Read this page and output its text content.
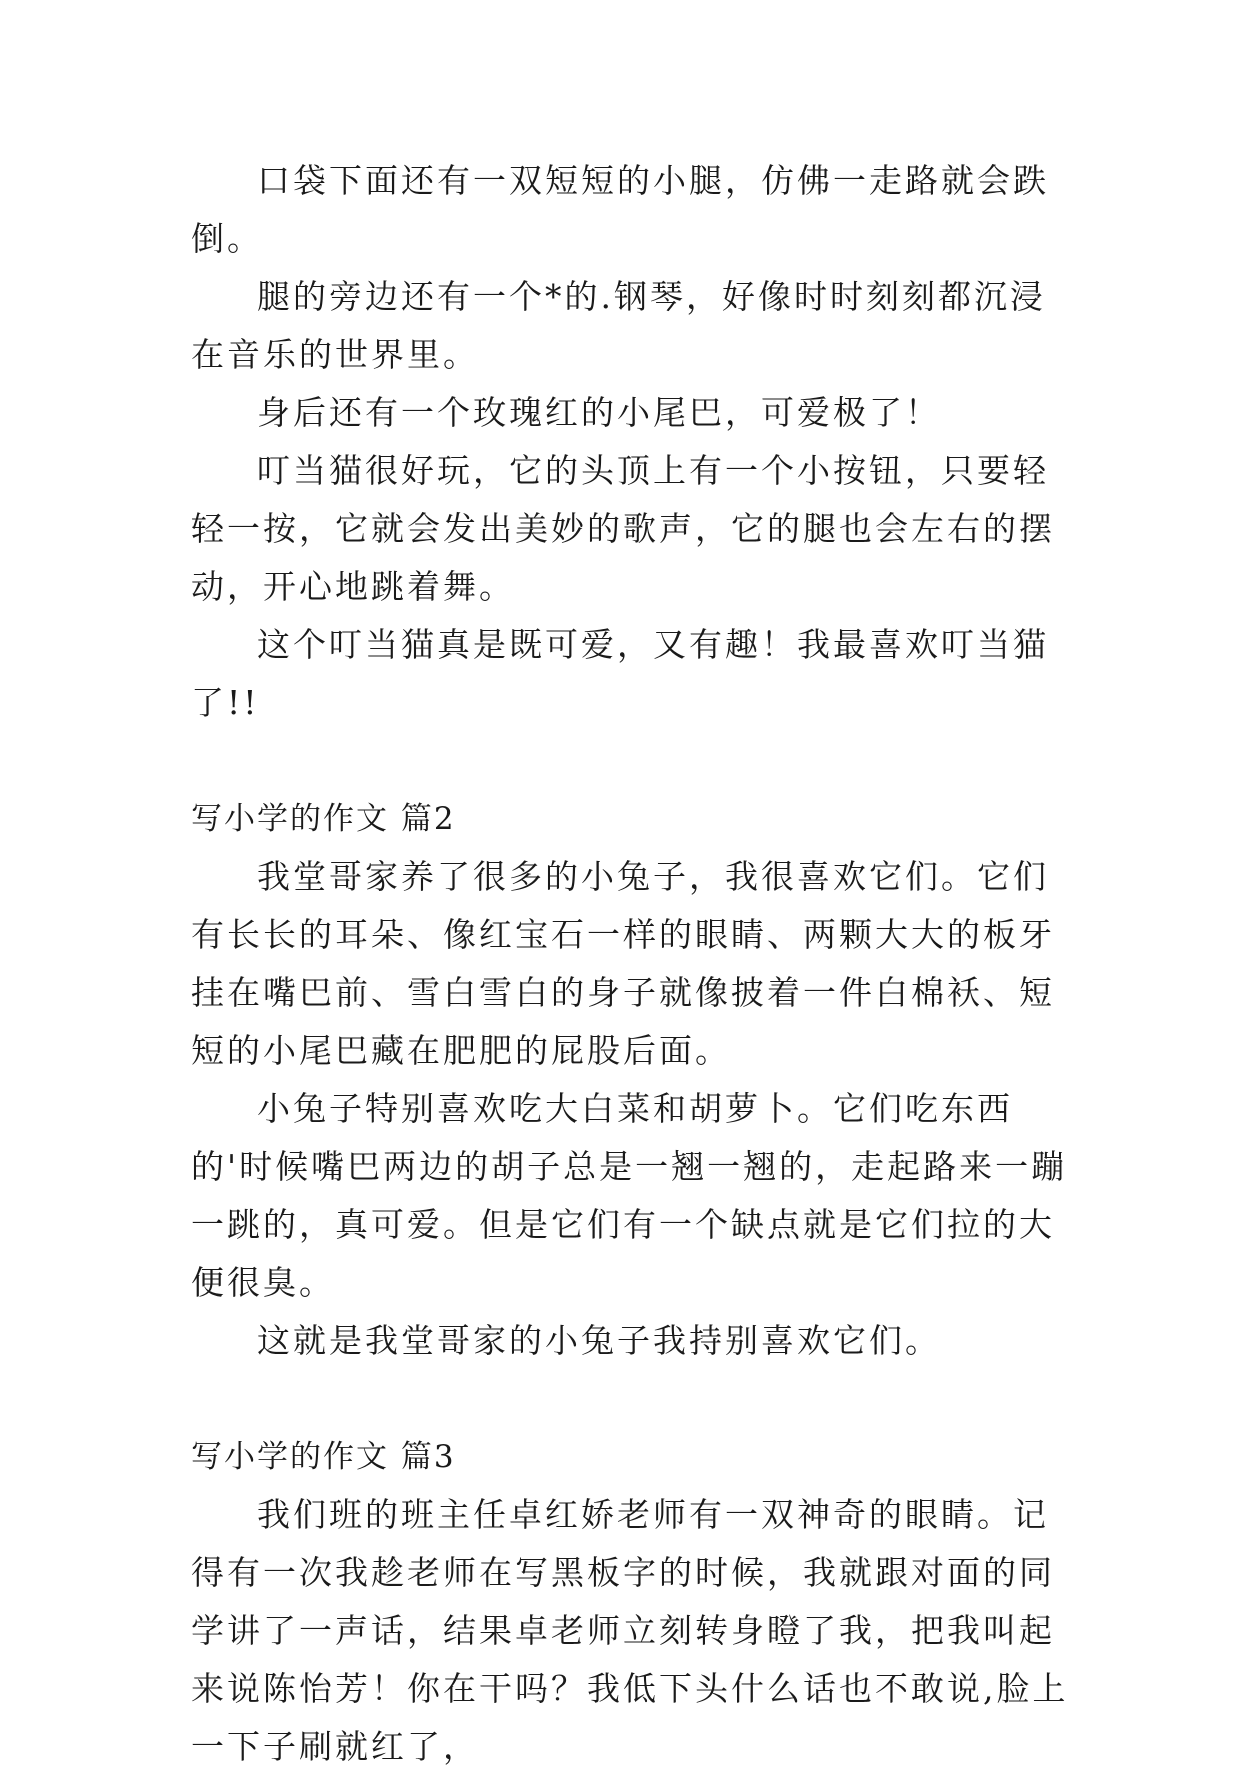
口袋下面还有一双短短的小腿，仿佛一走路就会跌倒。

腿的旁边还有一个*的.钢琴，好像时时刻刻都沉浸在音乐的世界里。

身后还有一个玫瑰红的小尾巴，可爱极了！

叮当猫很好玩，它的头顶上有一个小按钮，只要轻轻一按，它就会发出美妙的歌声，它的腿也会左右的摆动，开心地跳着舞。

这个叮当猫真是既可爱，又有趣！我最喜欢叮当猫了!!

写小学的作文 篇2

我堂哥家养了很多的小兔子，我很喜欢它们。它们有长长的耳朵、像红宝石一样的眼睛、两颗大大的板牙挂在嘴巴前、雪白雪白的身子就像披着一件白棉袄、短短的小尾巴藏在肥肥的屁股后面。

小兔子特别喜欢吃大白菜和胡萝卜。它们吃东西的'时候嘴巴两边的胡子总是一翘一翘的，走起路来一蹦一跳的，真可爱。但是它们有一个缺点就是它们拉的大便很臭。

这就是我堂哥家的小兔子我持别喜欢它们。

写小学的作文 篇3

我们班的班主任卓红娇老师有一双神奇的眼睛。记得有一次我趁老师在写黑板字的时候，我就跟对面的同学讲了一声话，结果卓老师立刻转身瞪了我，把我叫起来说陈怡芳！你在干吗？我低下头什么话也不敢说,脸上一下子刷就红了，
